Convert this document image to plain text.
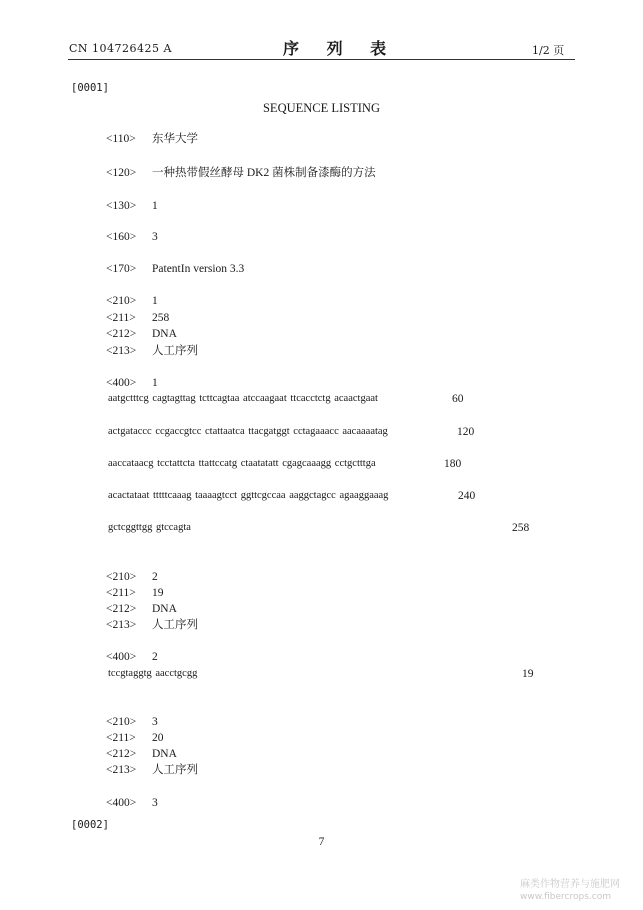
CN 104726425 A	序 列 表	1/2 页
[0001]
SEQUENCE LISTING
<110> 东华大学
<120> 一种热带假丝酵母 DK2 菌株制备漆酶的方法
<130> 1
<160> 3
<170> PatentIn version 3.3
<210> 1
<211> 258
<212> DNA
<213> 人工序列
<400> 1
aatgctttcg cagtagttag tcttcagtaa atccaagaat ttcacctctg acaactgaat	60
actgataccc ccgaccgtcc ctattaatca ttacgatggt cctagaaacc aacaaaatag	120
aaccataacg tcctattcta ttattccatg ctaatatatt cgagcaaagg cctgctttga	180
acactataat tttttcaaag taaaagtcct ggttcgccaa aaggctagcc agaaggaaag	240
gctcggttgg gtccagta	258
<210> 2
<211> 19
<212> DNA
<213> 人工序列
<400> 2
tccgtaggtg aacctgcgg	19
<210> 3
<211> 20
<212> DNA
<213> 人工序列
<400> 3
[0002]
7
麻类作物营养与施肥网
www.fibercrops.com
